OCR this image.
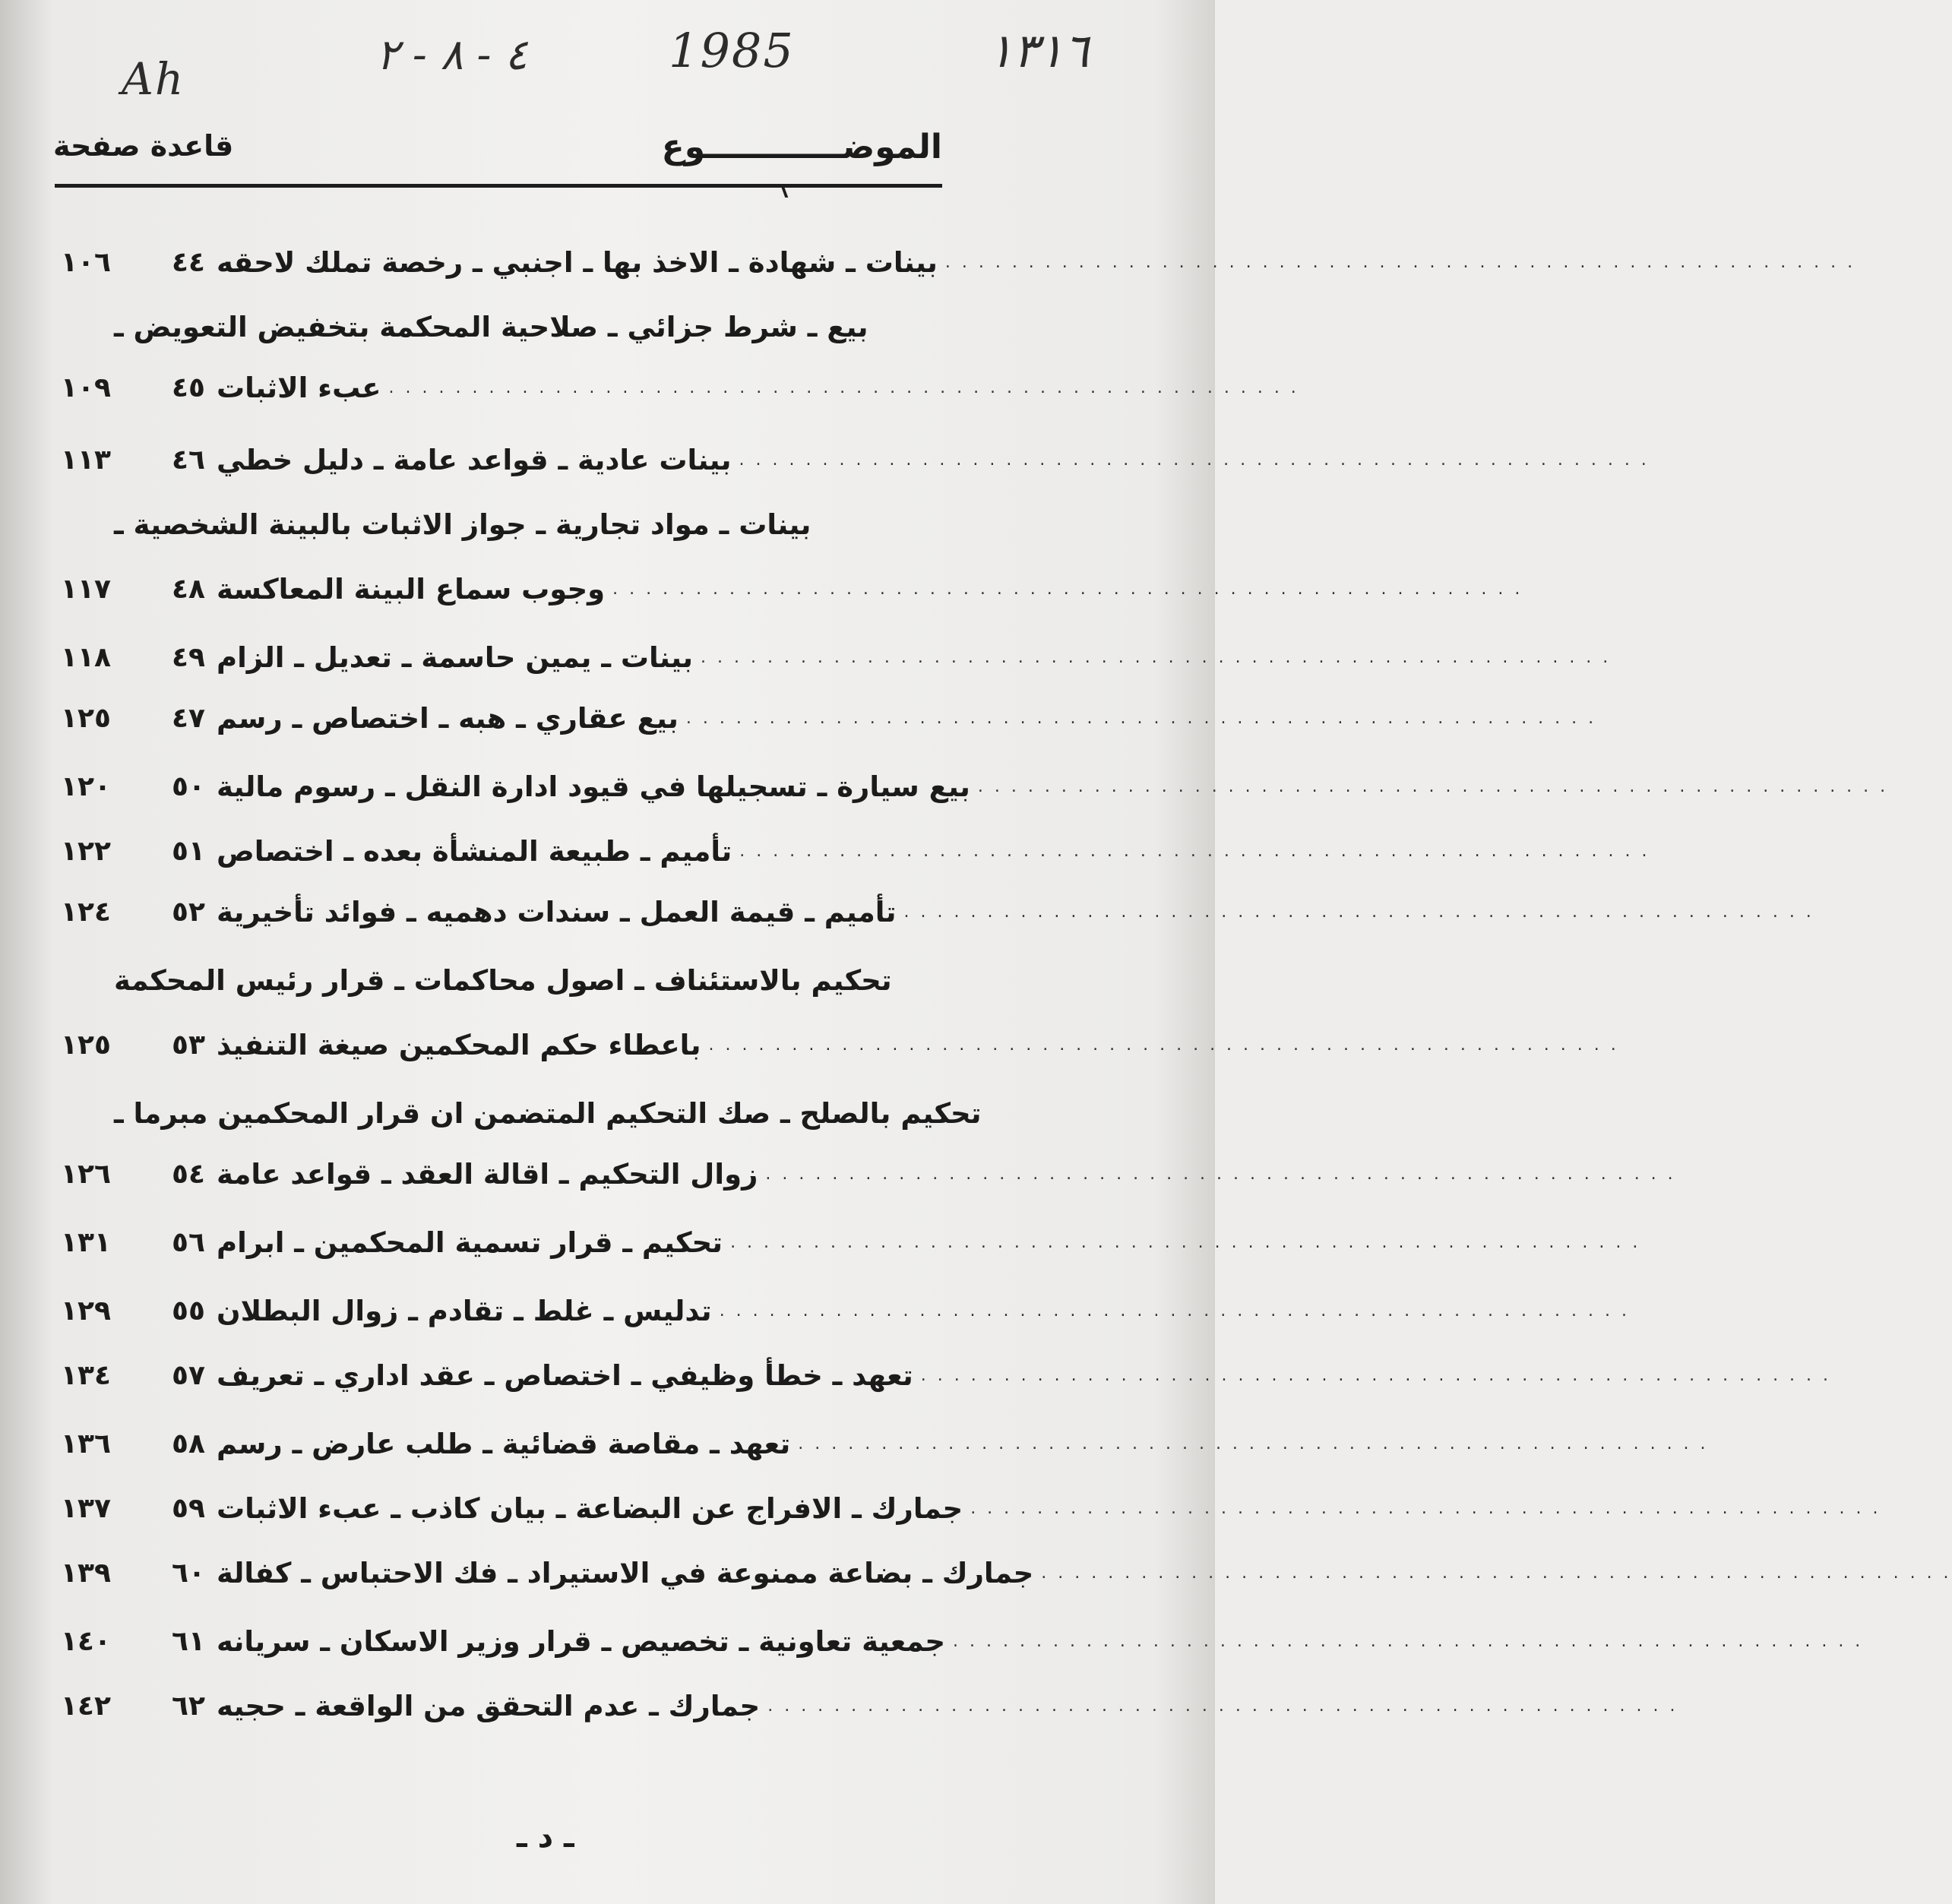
Ah	٤ - ٨ - ٢	1985	١٣١٦
الموضــــــــــــوع
قاعدة صفحة
١٠٦ ٤٤ بينات ـ شهادة ـ الاخذ بها ـ اجنبي ـ رخصة تملك لاحقه . . . . . . . . . . . . . . . . . . . . . . . . . . . . . . . . . . . . . . . . . . . . . . . . . . . . . . .
بيع ـ شرط جزائي ـ صلاحية المحكمة بتخفيض التعويض ـ
١٠٩ ٤٥ عبء الاثبات . . . . . . . . . . . . . . . . . . . . . . . . . . . . . . . . . . . . . . . . . . . . . . . . . . . . . . .
١١٣ ٤٦ بينات عادية ـ قواعد عامة ـ دليل خطي . . . . . . . . . . . . . . . . . . . . . . . . . . . . . . . . . . . . . . . . . . . . . . . . . . . . . . .
بينات ـ مواد تجارية ـ جواز الاثبات بالبينة الشخصية ـ
١١٧ ٤٨ وجوب سماع البينة المعاكسة . . . . . . . . . . . . . . . . . . . . . . . . . . . . . . . . . . . . . . . . . . . . . . . . . . . . . . .
١١٨ ٤٩ بينات ـ يمين حاسمة ـ تعديل ـ الزام . . . . . . . . . . . . . . . . . . . . . . . . . . . . . . . . . . . . . . . . . . . . . . . . . . . . . . .
١٢٥ ٤٧ بيع عقاري ـ هبه ـ اختصاص ـ رسم . . . . . . . . . . . . . . . . . . . . . . . . . . . . . . . . . . . . . . . . . . . . . . . . . . . . . . .
١٢٠ ٥٠ بيع سيارة ـ تسجيلها في قيود ادارة النقل ـ رسوم مالية . . . . . . . . . . . . . . . . . . . . . . . . . . . . . . . . . . . . . . . . . . . . . . . . . . . . . . .
١٢٢ ٥١ تأميم ـ طبيعة المنشأة بعده ـ اختصاص . . . . . . . . . . . . . . . . . . . . . . . . . . . . . . . . . . . . . . . . . . . . . . . . . . . . . . .
١٢٤ ٥٢ تأميم ـ قيمة العمل ـ سندات دهميه ـ فوائد تأخيرية . . . . . . . . . . . . . . . . . . . . . . . . . . . . . . . . . . . . . . . . . . . . . . . . . . . . . . .
تحكيم بالاستئناف ـ اصول محاكمات ـ قرار رئيس المحكمة
١٢٥ ٥٣ باعطاء حكم المحكمين صيغة التنفيذ . . . . . . . . . . . . . . . . . . . . . . . . . . . . . . . . . . . . . . . . . . . . . . . . . . . . . . .
تحكيم بالصلح ـ صك التحكيم المتضمن ان قرار المحكمين مبرما ـ
١٢٦ ٥٤ زوال التحكيم ـ اقالة العقد ـ قواعد عامة . . . . . . . . . . . . . . . . . . . . . . . . . . . . . . . . . . . . . . . . . . . . . . . . . . . . . . .
١٣١ ٥٦ تحكيم ـ قرار تسمية المحكمين ـ ابرام . . . . . . . . . . . . . . . . . . . . . . . . . . . . . . . . . . . . . . . . . . . . . . . . . . . . . . .
١٢٩ ٥٥ تدليس ـ غلط ـ تقادم ـ زوال البطلان . . . . . . . . . . . . . . . . . . . . . . . . . . . . . . . . . . . . . . . . . . . . . . . . . . . . . . .
١٣٤ ٥٧ تعهد ـ خطأ وظيفي ـ اختصاص ـ عقد اداري ـ تعريف . . . . . . . . . . . . . . . . . . . . . . . . . . . . . . . . . . . . . . . . . . . . . . . . . . . . . . .
١٣٦ ٥٨ تعهد ـ مقاصة قضائية ـ طلب عارض ـ رسم . . . . . . . . . . . . . . . . . . . . . . . . . . . . . . . . . . . . . . . . . . . . . . . . . . . . . . .
١٣٧ ٥٩ جمارك ـ الافراج عن البضاعة ـ بيان كاذب ـ عبء الاثبات . . . . . . . . . . . . . . . . . . . . . . . . . . . . . . . . . . . . . . . . . . . . . . . . . . . . . . .
١٣٩ ٦٠ جمارك ـ بضاعة ممنوعة في الاستيراد ـ فك الاحتباس ـ كفالة . . . . . . . . . . . . . . . . . . . . . . . . . . . . . . . . . . . . . . . . . . . . . . . . . . . . . . .
١٤٠ ٦١ جمعية تعاونية ـ تخصيص ـ قرار وزير الاسكان ـ سريانه . . . . . . . . . . . . . . . . . . . . . . . . . . . . . . . . . . . . . . . . . . . . . . . . . . . . . . .
١٤٢ ٦٢ جمارك ـ عدم التحقق من الواقعة ـ حجيه . . . . . . . . . . . . . . . . . . . . . . . . . . . . . . . . . . . . . . . . . . . . . . . . . . . . . . .
ـ د ـ
